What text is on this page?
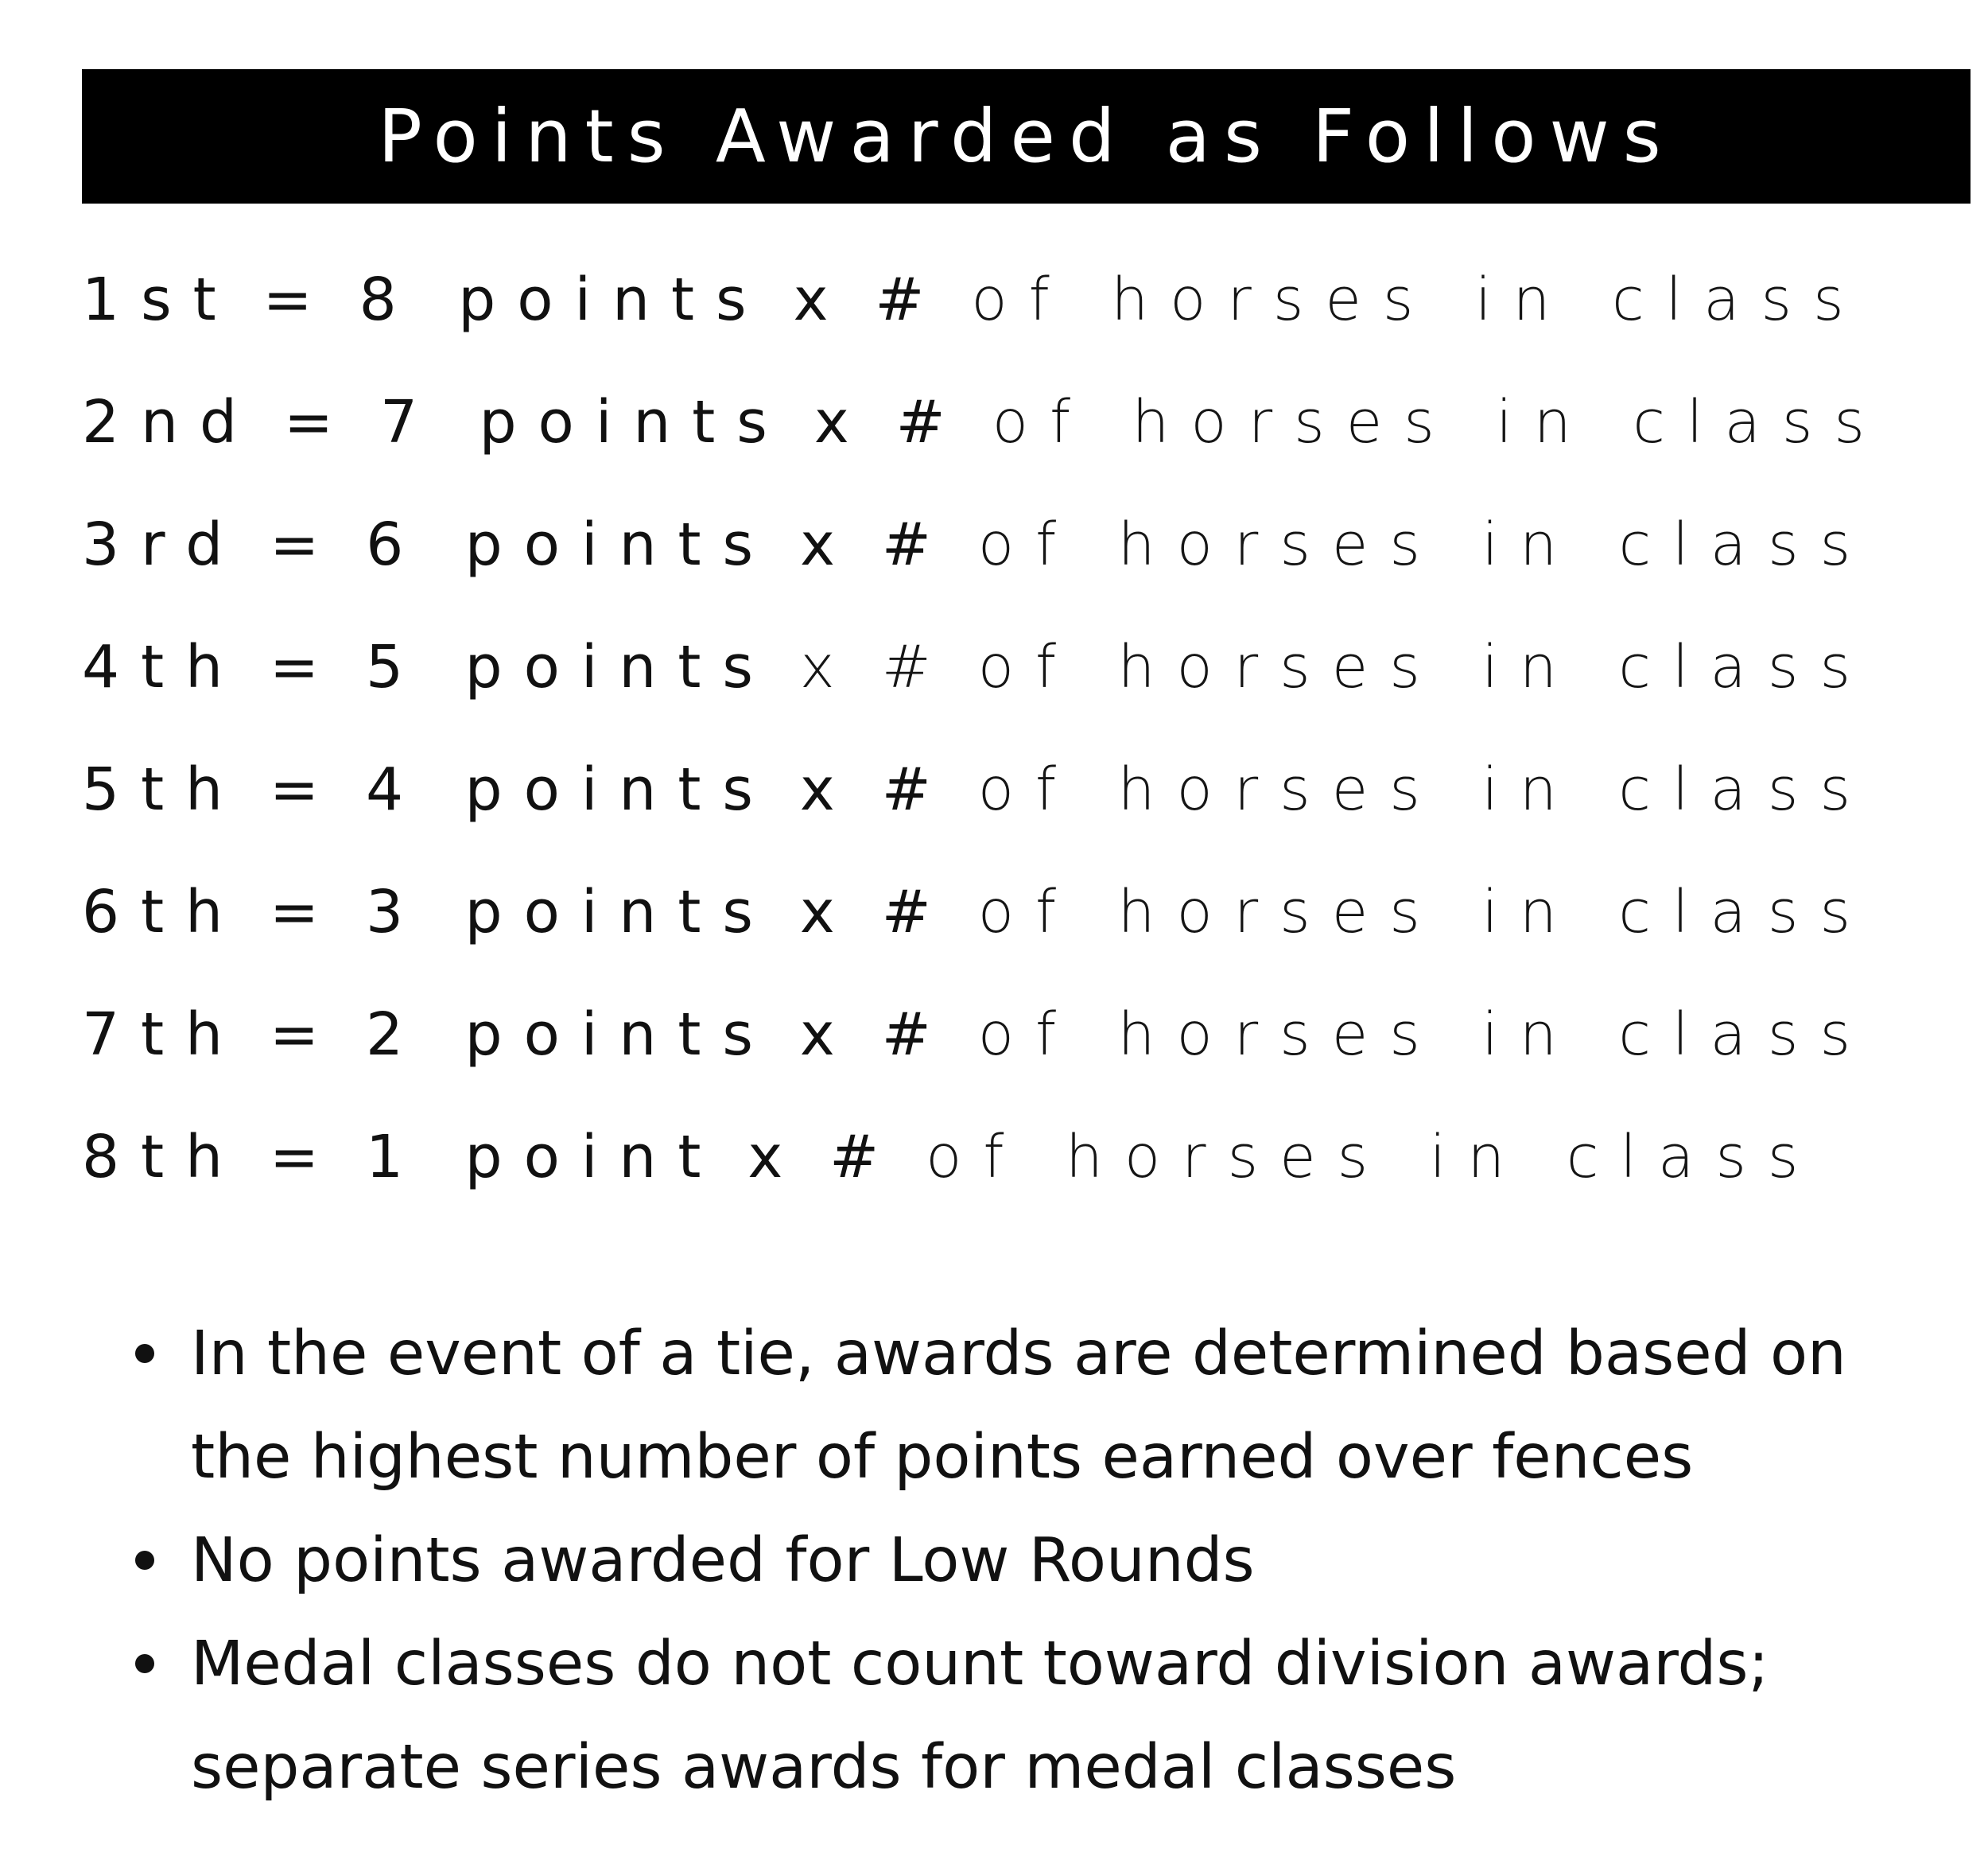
Points Awarded as Follows
1st = 8 points x # of horses in class
2nd = 7 points x # of horses in class
3rd = 6 points x # of horses in class
4th = 5 points x # of horses in class
5th = 4 points x # of horses in class
6th = 3 points x # of horses in class
7th = 2 points x # of horses in class
8th = 1 point x # of horses in class
In the event of a tie, awards are determined based on the highest number of points earned over fences
No points awarded for Low Rounds
Medal classes do not count toward division awards; separate series awards for medal classes
